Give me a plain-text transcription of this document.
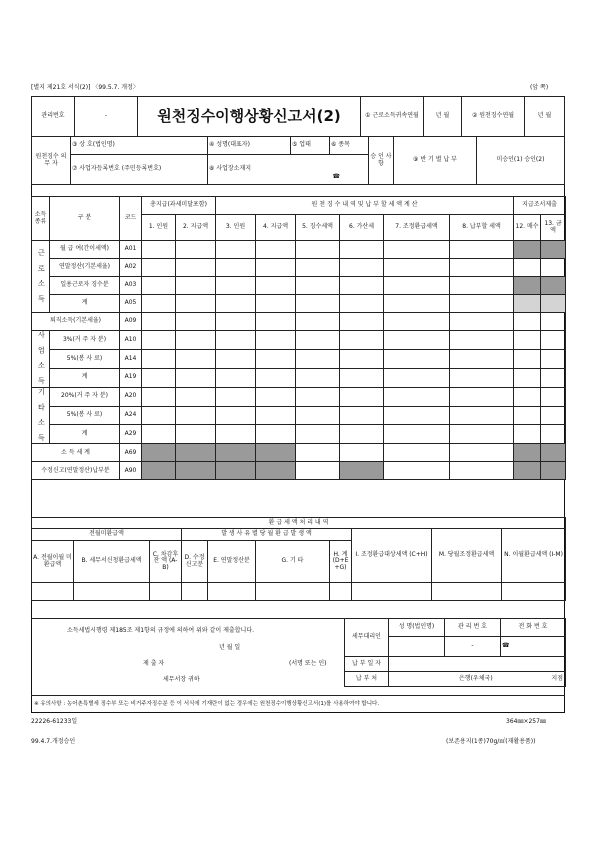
[별지 제21호 서식(2)] 〈99.5.7. 개정〉	(앞 쪽)
관리번호	-	원천징수이행상황신고서(2)	① 근로소득귀속연월	년 월	② 원천징수연월	년 월
원천징수 의 무 자	③ 상 호(법인명)	④ 성명(대표자)	⑤ 업태	⑥ 종목	승 인 사 항	⑨ 반 기 별 납 부	미승인(1) 승인(2)
	⑦ 사업자등록번호 (주민등록번호)	⑧ 사업장소재지
☎					
소득 종류	구 분	코드	총지급(과세미달포함)		원 천 징 수 내 역 및 납 부 할 세 액 계 산						지급조서제출	
			1. 인원	2. 지급액	3. 인원	4. 지급액	5. 징수세액	6. 가산세	7. 조정환급세액	8. 납부할 세액	12. 매수	13. 금액
근 로 소 득	월 급 여(간이세액)	A01										
	연말정산(기본세율)	A02										
	일용근로자 징수분	A03										
	계	A05										
퇴직소득(기본세율)		A09										
사 업 소 득	3%(거 주 자 분)	A10										
	5%(봉 사 료)	A14										
	계	A19										
기 타 소 득	20%(거 주 자 분)	A20										
	5%(봉 사 료)	A24										
	계	A29										
소 득 세 계		A69										
수정신고(연말정산)납부분		A90										
환 급 세 액 처 리 내 역									
전월미환급액			발 생 사 유 별 당 월 환 급 발 생 액				I. 조정환급대상세액 (C+H)	M. 당월조정환급세액	N. 이월환급세액 (I-M)
A. 전월이월 미환급액	B. 세무서신청환급세액	C. 차감후 잔 액 (A-B)	D. 수정신고분	E. 연말정산분	G. 기 타	H. 계 (D+E +G)			

소득세법시행령 제185조 제1항의 규정에 의하여 위와 같이 제출합니다.
년 월 일
제 출 자	(서명 또는 인)
세무서장 귀하
세무대리인	성 명(법인명)	관 리 번 호	전 화 번 호
		-	☎
납 부 일 자			
납 부 처	은행(우체국) 지점		
※ 유의사항 : 농어촌특별세 징수부 또는 비거주자징수분 등 이 서식에 기재란이 없는 경우에는 원천징수이행상황신고서(1)를 사용하여야 합니다.
22226-61233일
99.4.7.개정승인
364㎜×257㎜
(보존용지(1종)70g/㎡(재활용품))
